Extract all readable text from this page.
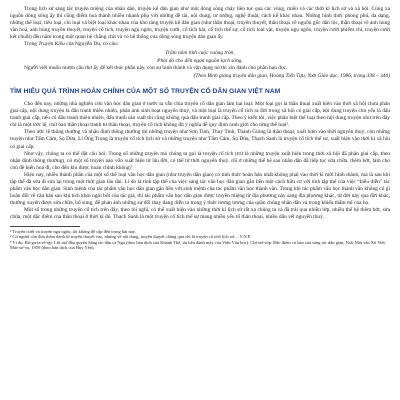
Trong lịch sử sáng tác truyện miệng của nhân dân, truyện kể dân gian như một dòng sông chảy liên tục qua các vùng, miền và các thời kì lịch sử và xã hội. Cùng xa nguồn dòng sông ấy thì cũng điểm hoà thành nhiều nhánh phụ với những đề tài, nội dung, tư tưởng, nghệ thuật, cách kể khác nhau. Những hình thức phong phú, đa dạng, những thể loại, tiểu loại, chi loại và biệt loại khác nhau của kho tàng truyện kể dân gian (như thần thoại, truyền thuyết, thần thoại về nguồn gốc dân tộc, thần thoại về anh hùng văn hoá, anh hùng truyền thuyết, truyện cổ tích, truyện ngụ ngôn, truyện cười, cổ tích hài, cổ tích thế sự, cổ tích loài vật, truyện ngụ ngôn, truyện cười phiếm chỉ, truyện cười kết chuỗi) đều nằm trong một quan hệ chằng chịt và có hệ thống của dòng sông truyện dân gian ấy.

Trong Truyện Kiều của Nguyễn Du, có câu:

Trăm năm tình cuộc vuông tròn,

Phải dò cho đến ngọn nguồn lạch sông.

Người viết muốn mượn câu thơ ấy để kết thúc phần này, còn sự hình thành và vận dụng nó thì xin dành cho phần bạn đọc.

(Theo Bình giảng truyện dân gian, Hoàng Tiến Tựu, Nxb Giáo dục, 1986, trang 338 – 340)

TÌM HIỂU QUÁ TRÌNH HOÀN CHỈNH CỦA MỘT SỐ TRUYỆN CỔ DÂN GIAN VIỆT NAM

Cho đến nay, những nhà nghiên cứu văn học dân gian ở nước ta vẫn chia truyện cổ dân gian làm hai loại: Một loại gọi là thần thoại xuất hiện vào thời xã hội chưa phân giai cấp, nội dung truyện là đấu tranh thiên nhiên, phản ánh sinh hoạt nguyên thuỷ, và một loại là truyện cổ tích ra đời trong xã hội có giai cấp, nội dung truyện chủ yếu là đấu tranh giai cấp, nếu có đấu tranh thiên nhiên, đấu tranh sản xuất thì cũng không qua đấu tranh giai cấp. Theo ý kiến tôi, việc phân biệt thể loại theo nội dung truyện như trên đây chỉ là một ước lệ, chứ bao thần thoại tranh tư thần thoại, truyện cổ tích không đủ ý nghĩa để quy định ranh giới cho từng thể loại².

Theo ước lệ thông thường và nhận định thông thường thì những truyện như Sơn Tinh, Thuỷ Tinh, Thánh Gióng là thần thoại, xuất hiện vào thời nguyên thuỷ, còn những truyện như Tấm Cám, Sọ Dừa, Lí Ông Trọng là truyện cổ tích lịch sử và những truyện như Tấm Cám, Sọ Dừa, Thạch Sanh là truyện cổ tích thế sự, xuất hiện vào thời kì xã hội có giai cấp.

Như vậy, chúng ta có thể đặt câu hỏi: Trong số những truyện mà chúng ta gọi là truyện cổ tích (trừ là những truyện xuất hiện trong thời xã hội đã phân giai cấp, theo nhận định thông thường), có một số truyện nào vốn xuất hiện từ lâu đời, có thể từ thời nguyên thuỷ, rồi ở những thế hệ sau nhân dân đã tiếp tục sửa chữa, thêm bớt, làm cho chủ đề biến hoá đi, cho đến khi được hoàn chỉnh không?

Hiện nay, nhiều thành phần của một số thể loại văn học dân gian (như truyện dân gian) có tính thức hoàn hảo nhất không phải vào thời kì mới hình thành, mà là sau khi tập thể đã sửa đi sửa lại trong một thời gian lâu dài. Lí do là tính tập thể của việc sáng tác văn học dân gian gắn liền một cách hữu cơ với tính tập thể của việc “biểu diễn” tác phẩm văn học dân gian. Sinh mệnh của tác phẩm văn học dân gian gắn liền với sinh mệnh của tác phẩm văn học thành văn. Trong khi tác phẩm văn học thành văn không có gì hoàn đổi về căn bản sau khi tích khỏi ngòi bút của tác giả, thì tác phẩm văn học dân gian được truyền miệng từ địa phương này sang địa phương khác, từ đời này qua đời khác, thường xuyên được sửa chữa, bổ sung, để phản ánh những sự đổi thay đang diễn ra trong ý thức tương tương của quần chúng nhân dân và trong khiếu thẩm mĩ của họ.

Một số trong những truyện cổ tích trên đây, theo tôi nghĩ, có thể xuất hiện vào những thời kì lịch sử rất xa chúng ta và đã trải qua nhiều lớp, nhiều thế hệ thêm bớt, sửa chữa, một đặc điểm của thần thoại ở thời kì đó. Thạch Sanh là một truyện cổ tích thế sự mang nhiều yếu tố thần thoại, nhiều dấu vết nguyên thuỷ.

¹ Truyện cười và truyện ngụ ngôn, tôi không đề cập đến trong bài này.

² Có người còn đưa thêm danh từ truyền thuyết vào, nhưng về nội dung, truyền thuyết chẳng qua chỉ là truyện cổ tích lịch sử. – V.N.P.

³ Ví dụ. Bổ-ga-ta-rê-ợp: Lời nói đầu quyển Sáng tác dân ca Nga (theo bản dịch của Khánh Thế, tài liệu dành máy của Viện Văn học). Chi-stê-rốp: Đặc điểm cơ bản của sáng tác dân gian, Nxb Nhà văn Xô Viết, Mát-xơ-va, 1959 (theo bản dịch của Huy Yên).
